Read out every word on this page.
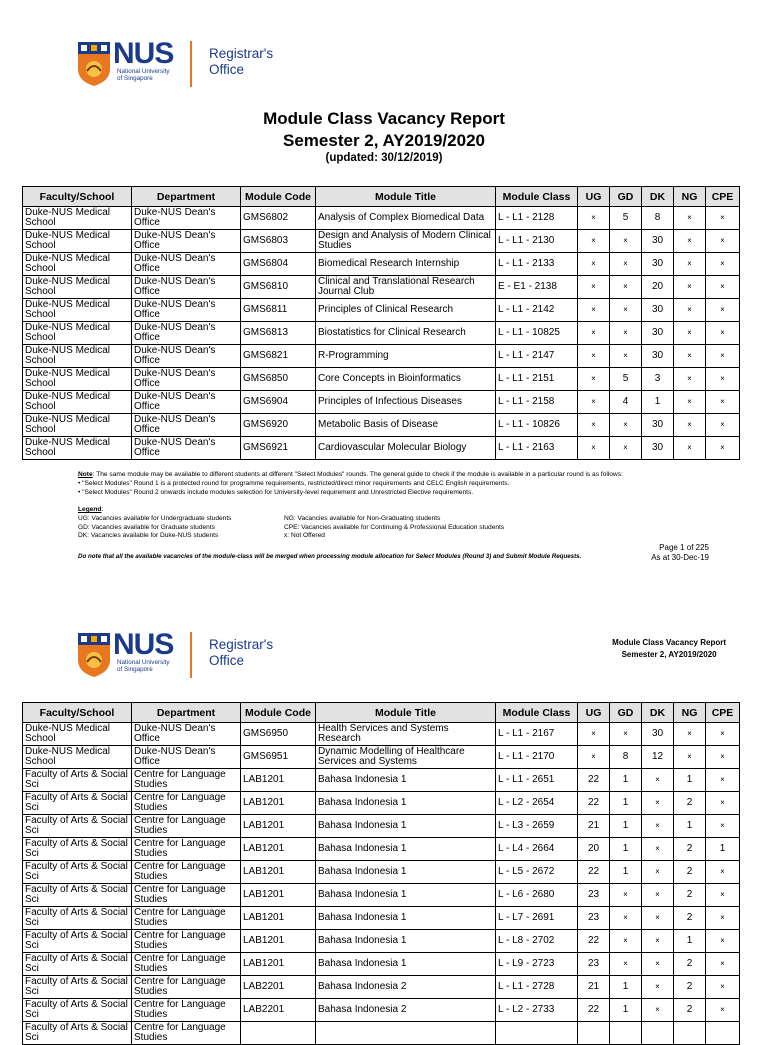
NUS
National University
of Singapore
Registrar's
Office
Module Class Vacancy Report
Semester 2, AY2019/2020
(updated: 30/12/2019)
Faculty/School	Department	Module Code	Module Title	Module Class	UG	GD	DK	NG	CPE
Duke-NUS Medical School	Duke-NUS Dean's Office	GMS6802	Analysis of Complex Biomedical Data	L - L1 - 2128	×	5	8	×	×
Duke-NUS Medical School	Duke-NUS Dean's Office	GMS6803	Design and Analysis of Modern Clinical Studies	L - L1 - 2130	×	×	30	×	×
Duke-NUS Medical School	Duke-NUS Dean's Office	GMS6804	Biomedical Research Internship	L - L1 - 2133	×	×	30	×	×
Duke-NUS Medical School	Duke-NUS Dean's Office	GMS6810	Clinical and Translational Research Journal Club	E - E1 - 2138	×	×	20	×	×
Duke-NUS Medical School	Duke-NUS Dean's Office	GMS6811	Principles of Clinical Research	L - L1 - 2142	×	×	30	×	×
Duke-NUS Medical School	Duke-NUS Dean's Office	GMS6813	Biostatistics for Clinical Research	L - L1 - 10825	×	×	30	×	×
Duke-NUS Medical School	Duke-NUS Dean's Office	GMS6821	R-Programming	L - L1 - 2147	×	×	30	×	×
Duke-NUS Medical School	Duke-NUS Dean's Office	GMS6850	Core Concepts in Bioinformatics	L - L1 - 2151	×	5	3	×	×
Duke-NUS Medical School	Duke-NUS Dean's Office	GMS6904	Principles of Infectious Diseases	L - L1 - 2158	×	4	1	×	×
Duke-NUS Medical School	Duke-NUS Dean's Office	GMS6920	Metabolic Basis of Disease	L - L1 - 10826	×	×	30	×	×
Duke-NUS Medical School	Duke-NUS Dean's Office	GMS6921	Cardiovascular Molecular Biology	L - L1 - 2163	×	×	30	×	×
Note: The same module may be available to different students at different "Select Modules" rounds. The general guide to check if the module is available in a particular round is as follows:
• "Select Modules" Round 1 is a protected round for programme requirements, restricted/direct minor requirements and CELC English requirements.
• "Select Modules" Round 2 onwards include modules selection for University-level requirement and Unrestricted Elective requirements.
Legend:
UG: Vacancies available for Undergraduate students
GD: Vacancies available for Graduate students
DK: Vacancies available for Duke-NUS students
NG: Vacancies available for Non-Graduating students
CPE: Vacancies available for Continuing & Professional Education students
x: Not Offered
Do note that all the available vacancies of the module-class will be merged when processing module allocation for Select Modules (Round 3) and Submit Module Requests.
Page 1 of 225
As at 30-Dec-19
NUS
National University
of Singapore
Registrar's
Office
Module Class Vacancy Report
Semester 2, AY2019/2020
Faculty/School	Department	Module Code	Module Title	Module Class	UG	GD	DK	NG	CPE
Duke-NUS Medical School	Duke-NUS Dean's Office	GMS6950	Health Services and Systems Research	L - L1 - 2167	×	×	30	×	×
Duke-NUS Medical School	Duke-NUS Dean's Office	GMS6951	Dynamic Modelling of Healthcare Services and Systems	L - L1 - 2170	×	8	12	×	×
Faculty of Arts & Social Sci	Centre for Language Studies	LAB1201	Bahasa Indonesia 1	L - L1 - 2651	22	1	×	1	×
Faculty of Arts & Social Sci	Centre for Language Studies	LAB1201	Bahasa Indonesia 1	L - L2 - 2654	22	1	×	2	×
Faculty of Arts & Social Sci	Centre for Language Studies	LAB1201	Bahasa Indonesia 1	L - L3 - 2659	21	1	×	1	×
Faculty of Arts & Social Sci	Centre for Language Studies	LAB1201	Bahasa Indonesia 1	L - L4 - 2664	20	1	×	2	1
Faculty of Arts & Social Sci	Centre for Language Studies	LAB1201	Bahasa Indonesia 1	L - L5 - 2672	22	1	×	2	×
Faculty of Arts & Social Sci	Centre for Language Studies	LAB1201	Bahasa Indonesia 1	L - L6 - 2680	23	×	×	2	×
Faculty of Arts & Social Sci	Centre for Language Studies	LAB1201	Bahasa Indonesia 1	L - L7 - 2691	23	×	×	2	×
Faculty of Arts & Social Sci	Centre for Language Studies	LAB1201	Bahasa Indonesia 1	L - L8 - 2702	22	×	×	1	×
Faculty of Arts & Social Sci	Centre for Language Studies	LAB1201	Bahasa Indonesia 1	L - L9 - 2723	23	×	×	2	×
Faculty of Arts & Social Sci	Centre for Language Studies	LAB2201	Bahasa Indonesia 2	L - L1 - 2728	21	1	×	2	×
Faculty of Arts & Social Sci	Centre for Language Studies	LAB2201	Bahasa Indonesia 2	L - L2 - 2733	22	1	×	2	×
Faculty of Arts & Social Sci	Centre for Language Studies								
